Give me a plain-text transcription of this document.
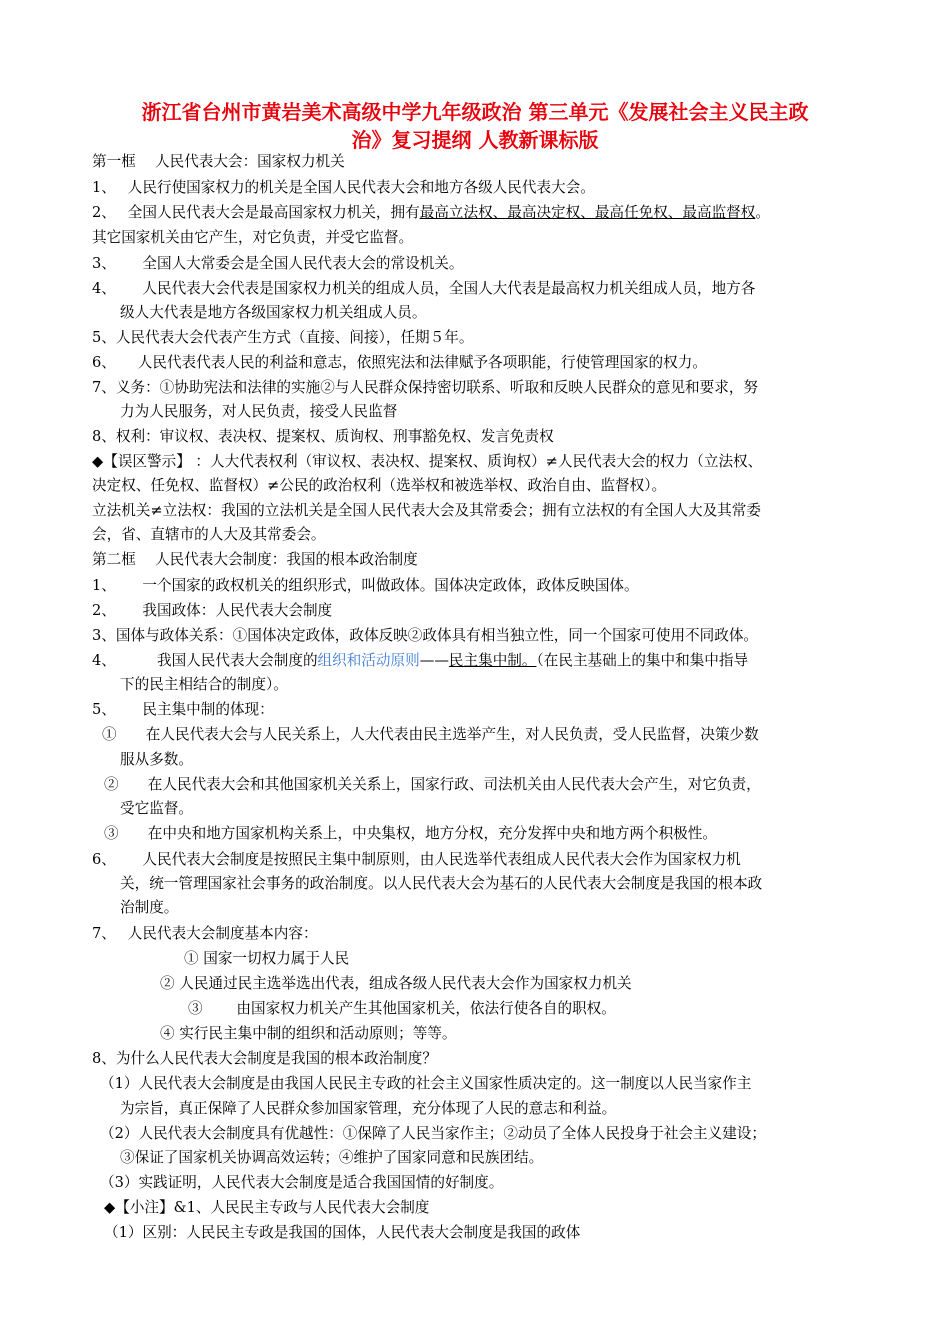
浙江省台州市黄岩美术高级中学九年级政治 第三单元《发展社会主义民主政
治》复习提纲 人教新课标版
第一框　 人民代表大会：国家权力机关
1、　 人民行使国家权力的机关是全国人民代表大会和地方各级人民代表大会。
2、　 全国人民代表大会是最高国家权力机关，拥有最高立法权、最高决定权、最高任免权、最高监督权。
其它国家机关由它产生，对它负责，并受它监督。
3、　　 全国人大常委会是全国人民代表大会的常设机关。
4、　　 人民代表大会代表是国家权力机关的组成人员，全国人大代表是最高权力机关组成人员，地方各
级人大代表是地方各级国家权力机关组成人员。
5、人民代表大会代表产生方式（直接、间接），任期５年。
6、　　人民代表代表人民的利益和意志，依照宪法和法律赋予各项职能，行使管理国家的权力。
7、义务：①协助宪法和法律的实施②与人民群众保持密切联系、听取和反映人民群众的意见和要求，努
力为人民服务，对人民负责，接受人民监督
8、权利：审议权、表决权、提案权、质询权、刑事豁免权、发言免责权
◆【误区警示】 ：人大代表权利（审议权、表决权、提案权、质询权）≠人民代表大会的权力（立法权、
决定权、任免权、监督权）≠公民的政治权利（选举权和被选举权、政治自由、监督权）。
立法机关≠立法权：我国的立法机关是全国人民代表大会及其常委会；拥有立法权的有全国人大及其常委
会，省、直辖市的人大及其常委会。
第二框　 人民代表大会制度：我国的根本政治制度
1、　　 一个国家的政权机关的组织形式，叫做政体。国体决定政体，政体反映国体。
2、　　 我国政体：人民代表大会制度
3、国体与政体关系：①国体决定政体，政体反映②政体具有相当独立性，同一个国家可使用不同政体。
4、　　　 我国人民代表大会制度的组织和活动原则——民主集中制。（在民主基础上的集中和集中指导
下的民主相结合的制度）。
5、　　 民主集中制的体现：
①　　在人民代表大会与人民关系上，人大代表由民主选举产生，对人民负责，受人民监督，决策少数
服从多数。
②　　在人民代表大会和其他国家机关关系上，国家行政、司法机关由人民代表大会产生，对它负责，
受它监督。
③　　在中央和地方国家机构关系上，中央集权，地方分权，充分发挥中央和地方两个积极性。
6、　　 人民代表大会制度是按照民主集中制原则，由人民选举代表组成人民代表大会作为国家权力机
关，统一管理国家社会事务的政治制度。以人民代表大会为基石的人民代表大会制度是我国的根本政
治制度。
7、　 人民代表大会制度基本内容：
① 国家一切权力属于人民
② 人民通过民主选举选出代表，组成各级人民代表大会作为国家权力机关
③　　 由国家权力机关产生其他国家机关，依法行使各自的职权。
④ 实行民主集中制的组织和活动原则；等等。
8、为什么人民代表大会制度是我国的根本政治制度？
（1）人民代表大会制度是由我国人民民主专政的社会主义国家性质决定的。这一制度以人民当家作主
为宗旨，真正保障了人民群众参加国家管理，充分体现了人民的意志和利益。
（2）人民代表大会制度具有优越性：①保障了人民当家作主；②动员了全体人民投身于社会主义建设；
③保证了国家机关协调高效运转；④维护了国家同意和民族团结。
（3）实践证明，人民代表大会制度是适合我国国情的好制度。
◆【小注】&1、人民民主专政与人民代表大会制度
（1）区别：人民民主专政是我国的国体，人民代表大会制度是我国的政体
